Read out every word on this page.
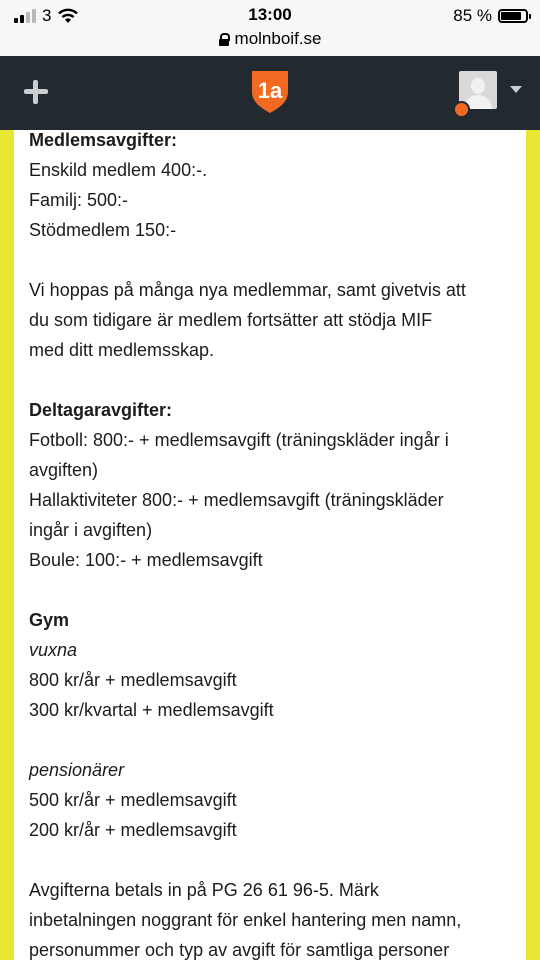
3	13:00	85 %
molnboif.se
1a

Medlemsavgifter:

Enskild medlem 400:-.

Familj: 500:-

Stödmedlem 150:-

Vi hoppas på många nya medlemmar, samt givetvis att

du som tidigare är medlem fortsätter att stödja MIF

med ditt medlemsskap.

Deltagaravgifter:

Fotboll: 800:- + medlemsavgift (träningskläder ingår i

avgiften)

Hallaktiviteter 800:- + medlemsavgift (träningskläder

ingår i avgiften)

Boule: 100:- + medlemsavgift

Gym

vuxna

800 kr/år + medlemsavgift

300 kr/kvartal + medlemsavgift

pensionärer

500 kr/år + medlemsavgift

200 kr/år + medlemsavgift

Avgifterna betals in på PG 26 61 96-5. Märk

inbetalningen noggrant för enkel hantering men namn,

personummer och typ av avgift för samtliga personer
